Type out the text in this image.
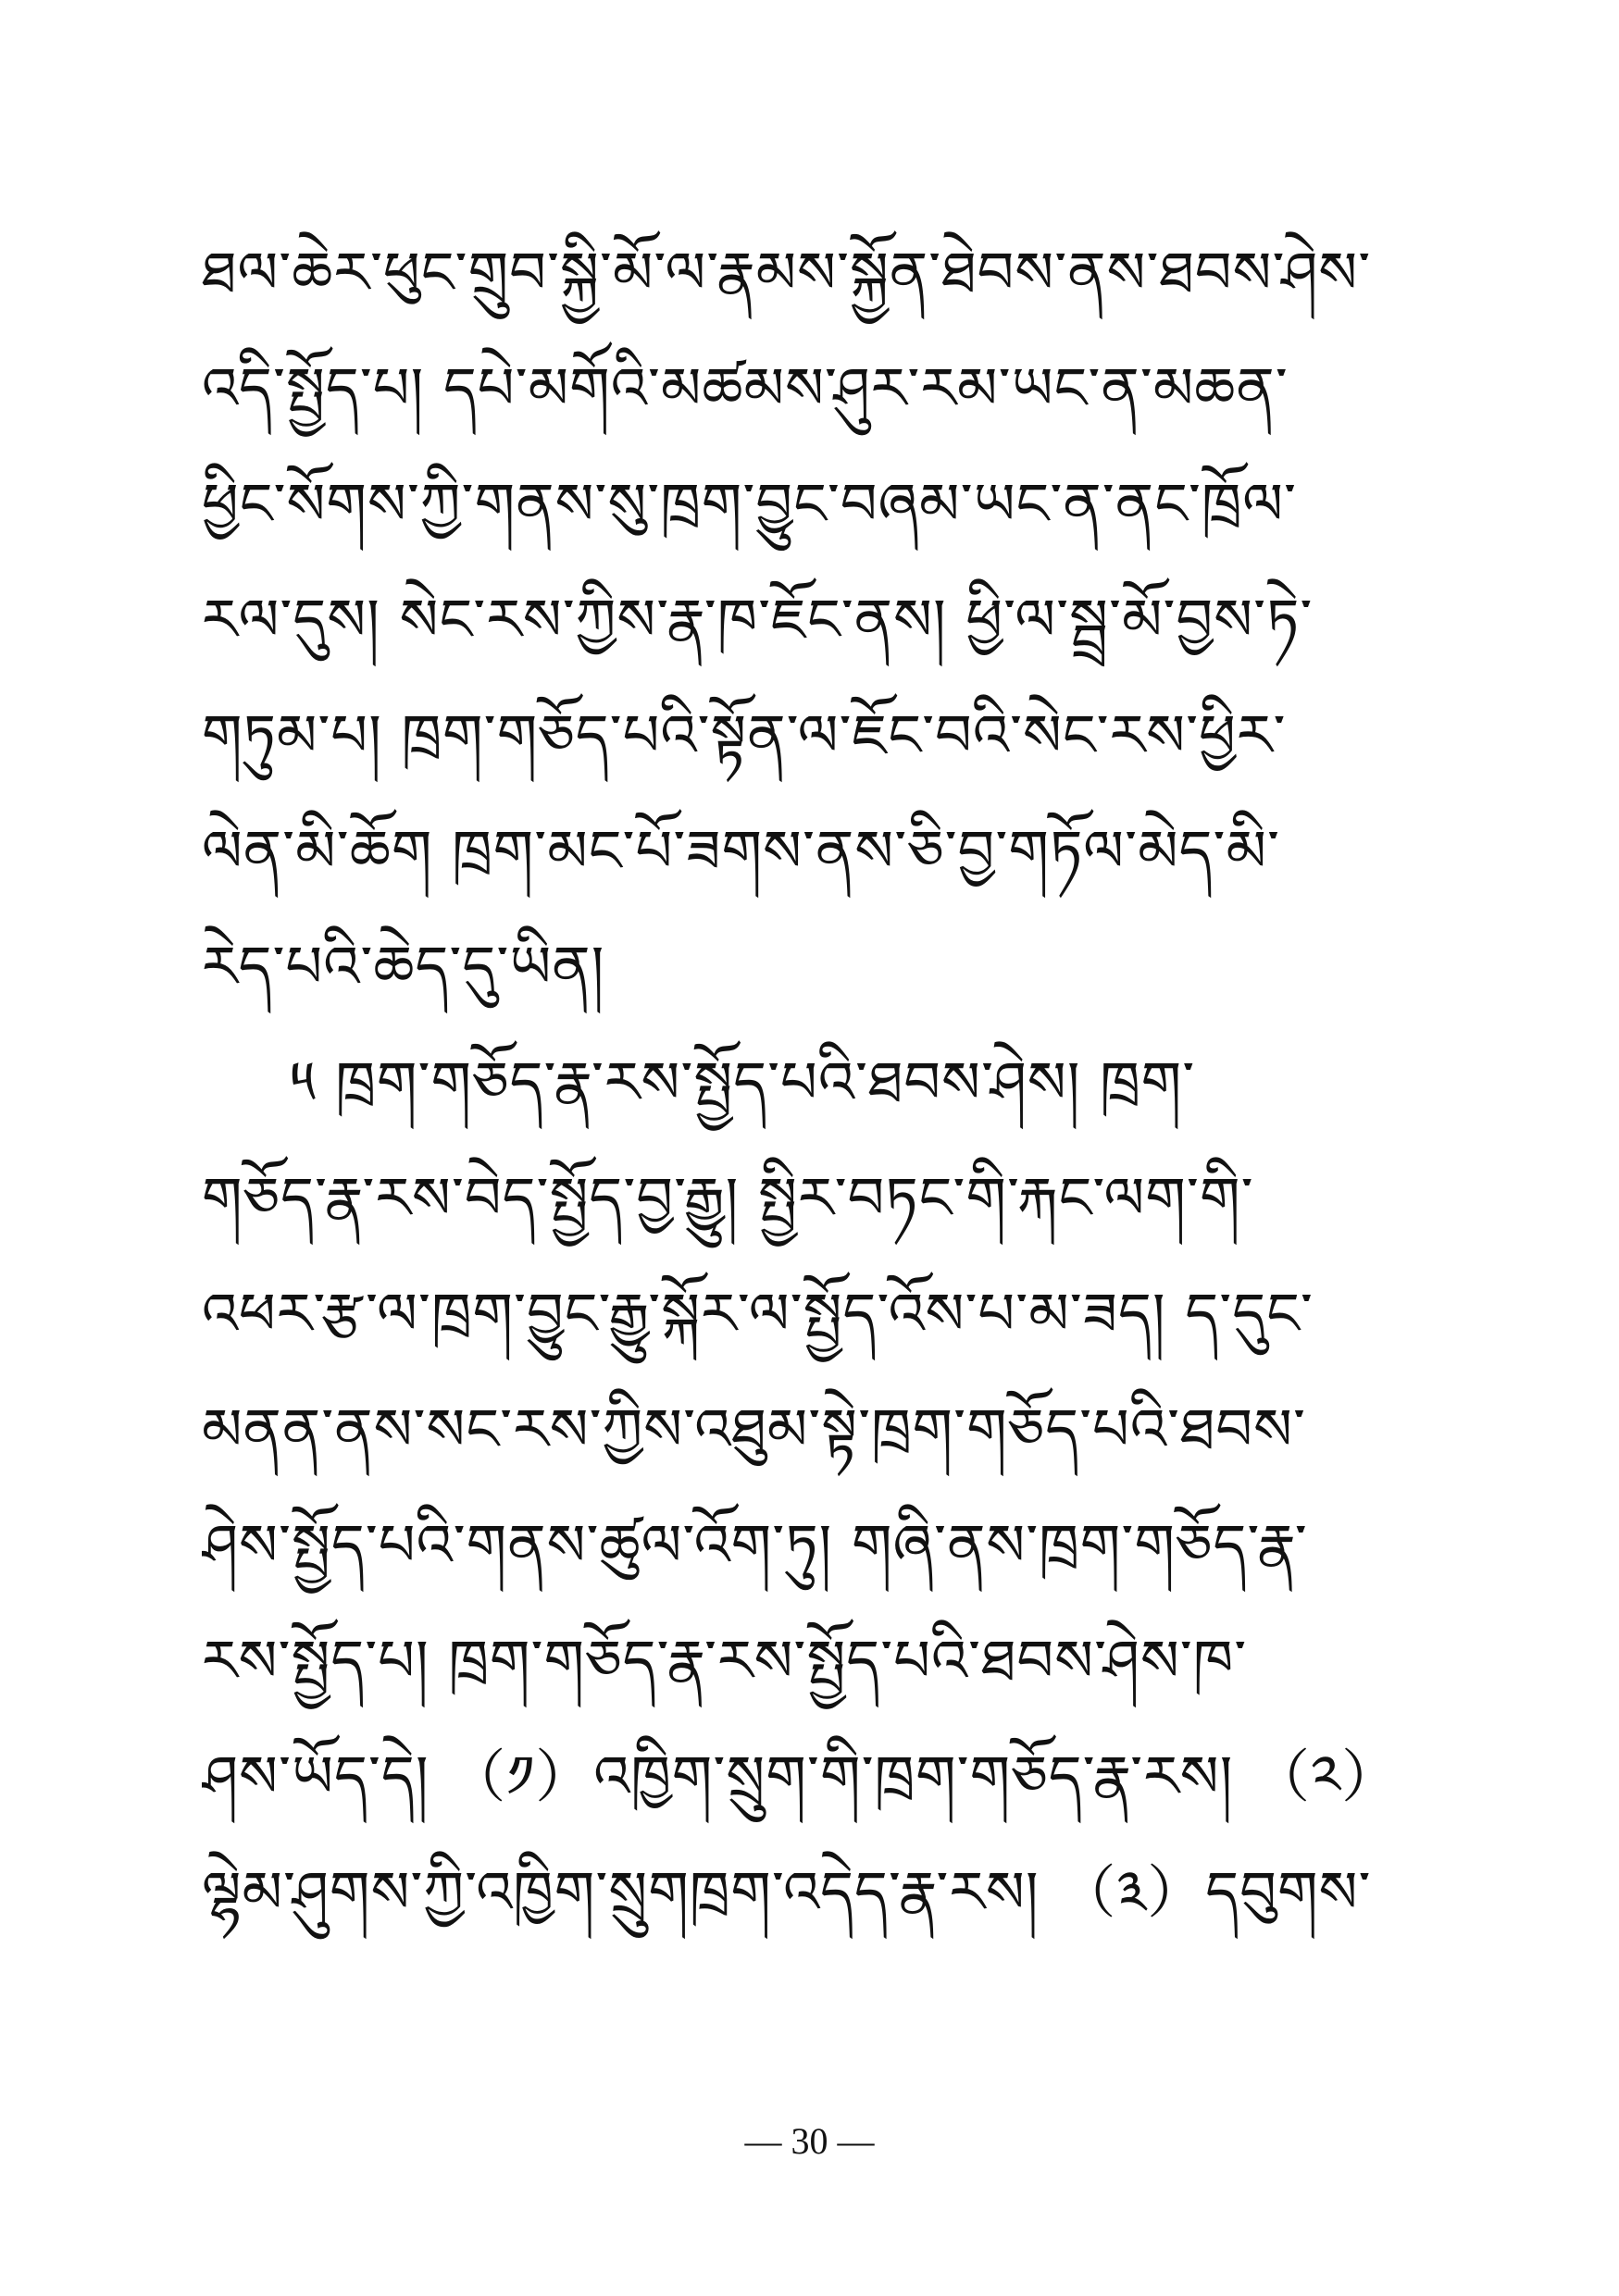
ཐལ་ཆེར་ཕུང་གྲུབ་སྐྱི་མོ་ལ་རྣམས་སྐྱོན་ཐེབས་ནས་ཐབས་ཤེས་
འདི་སྤྱོད་པ། དཔེ་མགོའི་མཚམས་ཤུར་རམ་ཡང་ན་མཆན་
ཕྱིང་སོགས་ཀྱི་གནས་སུ་ཁྲག་བྱུང་བཞམ་ཡང་ན་ནང་ཁྲོལ་
རལ་དུས། སེང་རས་ཀྱིས་རྣ་ཁ་ཇོང་ནས། ཕྱི་ལ་སྦྲ་མོ་བྱས་ཏེ་
གཏུམ་པ། ཁྲག་གཅོད་པའི་སྟོན་ལ་ཇོང་བའི་སེང་རས་ཕྱིར་
ལེན་མི་ཆོག ཁྲག་མང་པོ་ཟགས་ནས་ཅི་བྱ་གཏོལ་མེད་མི་
རེད་པའི་ཆེད་དུ་ཡིན།
༥ ཁྲག་གཅོད་རྣ་རས་སྤྱོད་པའི་ཐབས་ཤེས། ཁྲག་
གཅོད་རྣ་རས་བེད་སྤྱོད་བྱ་རྒྱུ། སྤྱིར་བཏང་གི་རྐང་ལག་གི་
འཕར་རྩ་ལ་ཁྲག་བྱུང་རྒྱུ་སྐོར་ལ་སྤྱོད་འོས་པ་མ་ཟད། ད་དུང་
མནན་ནས་སང་རས་ཀྱིས་འཐུམ་སྟེ་ཁྲག་གཅོད་པའི་ཐབས་
ཤེས་སྤྱོད་པའི་གནས་ཚུལ་འོག་ཏུ། གཞི་ནས་ཁྲག་གཅོད་རྣ་
རས་སྤྱོད་པ། ཁྲག་གཅོད་རྣ་རས་སྤྱོད་པའི་ཐབས་ཤེས་ཁ་
ཤས་ཡོད་དེ། （༡）འཁྱིག་སྲུག་གི་ཁྲག་གཅོད་རྣ་རས། （༢）
ལྷེམ་ཤུགས་ཀྱི་འཁྱིག་སྲུགཁྲག་འདེད་རྣ་རས། （༣）དབུགས་
— 30 —
